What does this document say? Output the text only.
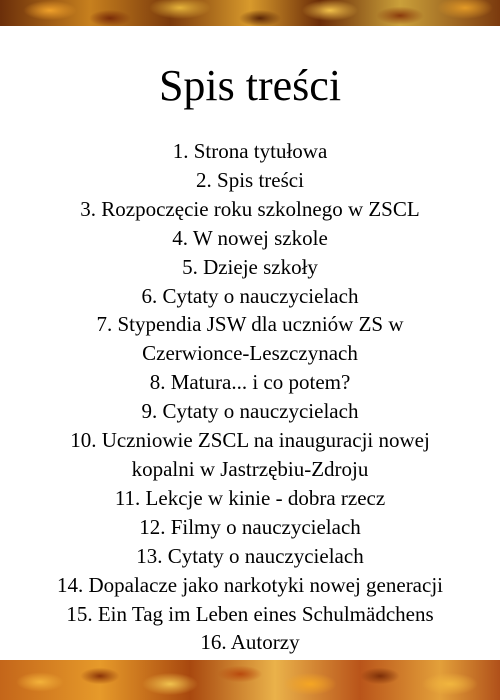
Spis treści
1. Strona tytułowa
2. Spis treści
3. Rozpoczęcie roku szkolnego w ZSCL
4. W nowej szkole
5. Dzieje szkoły
6. Cytaty o nauczycielach
7. Stypendia JSW dla uczniów ZS w
Czerwionce-Leszczynach
8. Matura... i co potem?
9. Cytaty o nauczycielach
10. Uczniowie ZSCL na inauguracji nowej
kopalni w Jastrzębiu-Zdroju
11. Lekcje w kinie - dobra rzecz
12. Filmy o nauczycielach
13. Cytaty o nauczycielach
14. Dopalacze jako narkotyki nowej generacji
15. Ein Tag im Leben eines Schulmädchens
16. Autorzy
